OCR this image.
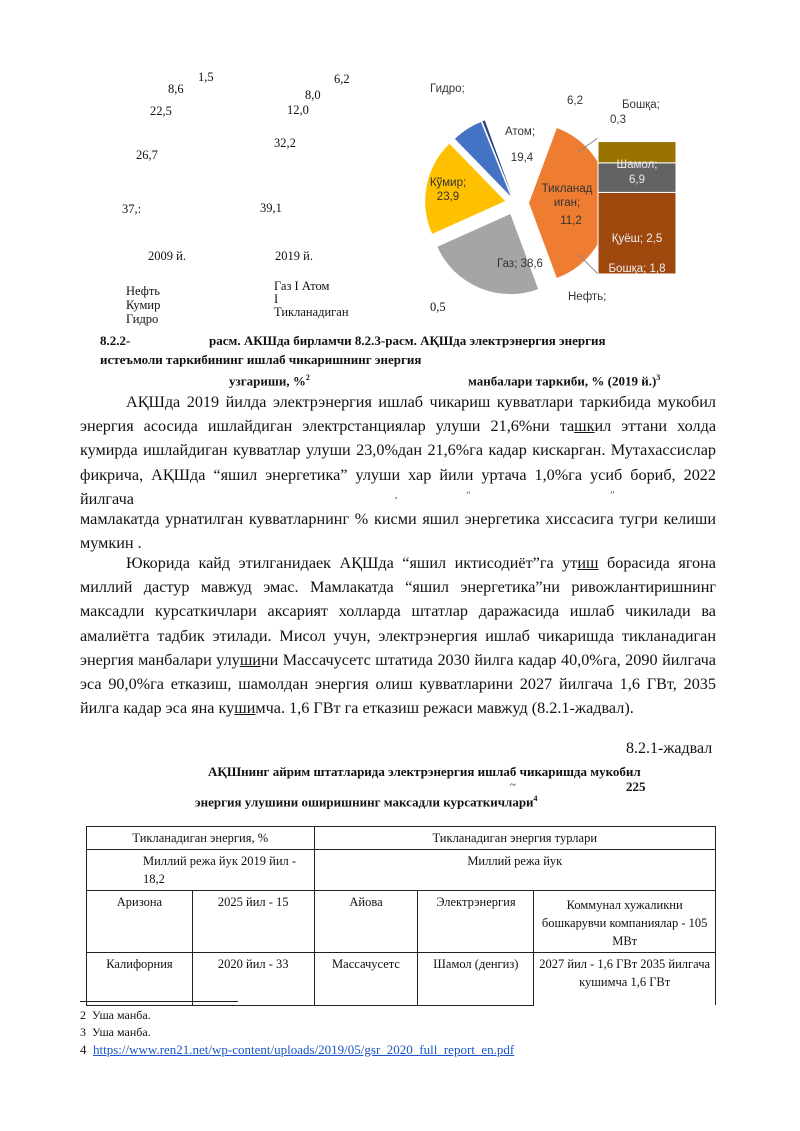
1,5
8,6
22,5
26,7
37,:
6,2
8,0
12,0
32,2
39,1
2009 й.	2019 й.
Нефть
Кумир
Гидро
Газ I Атом
I
Тикланадиган
Газ; 38,6
Кўмир;
23,9
Атом;
19,4
Тикланад
иган;
11,2
6,2
Гидро;
Нефть;
Шамол;
6,9
Қуёш; 2,5
Бошқа; 1,8
Бошқа;
0,3
8.2.2-	расм. АКШда бирламчи 8.2.3-расм. АҚШда электрэнергия энергия
истеъмоли таркибининг ишлаб чикаришнинг энергия
узгариши, %$^2$	манбалари таркиби, % (2019 й.)$^3$

АҚШда 2019 йилда электрэнергия ишлаб чикариш кувватлари таркибида мукобил энергия асосида ишлайдиган электрстанциялар улуши 21,6%ни ташкил эттани холда кумирда ишлайдиган кувватлар улуши 23,0%дан 21,6%га кадар кискарган. Мутахассислар фикрича, АҚШда “яшил энергетика” улуши хар йили уртача 1,0%га усиб бориб, 2022 йилгача	,	‘‘	’’

мамлакатда урнатилган кувватларнинг % кисми яшил энергетика хиссасига тугри келиши мумкин .

Юкорида кайд этилганидаек АҚШда “яшил иктисодиёт”га утиш борасида ягона миллий дастур мавжуд эмас. Мамлакатда “яшил энергетика”ни ривожлантиришнинг максадли курсаткичлари аксарият холларда штатлар даражасида ишлаб чикилади ва амалиётга тадбик этилади. Мисол учун, электрэнергия ишлаб чикаришда тикланадиган энергия манбалари улушини Массачусетс штатида 2030 йилга кадар 40,0%га, 2090 йилгача эса 90,0%га етказиш, шамолдан энергия олиш кувватларини 2027 йилгача 1,6 ГВт, 2035 йилга кадар эса яна кушимча. 1,6 ГВт га етказиш режаси мавжуд (8.2.1-жадвал).

8.2.1-жадвал
АҚШнинг айрим штатларида электрэнергия ишлаб чикаришда мукобил
~	225
энергия улушини оширишнинг максадли курсаткичлари$^4$
Тикланадиган энергия, %		Тикланадиган энергия турлари		
Миллий режа йук 2019 йил - 18,2		Миллий режа йук		
Аризона	2025 йил - 15	Айова	Электрэнергия	Коммунал хужаликни бошкарувчи компаниялар - 105 МВт
Калифорния	2020 йил - 33	Массачусетс	Шамол (денгиз)	2027 йил - 1,6 ГВт 2035 йилгача кушимча 1,6 ГВт
2 Уша манба.
3 Уша манба.
4 https://www.ren21.net/wp-content/uploads/2019/05/gsr_2020_full_report_en.pdf
0,5
